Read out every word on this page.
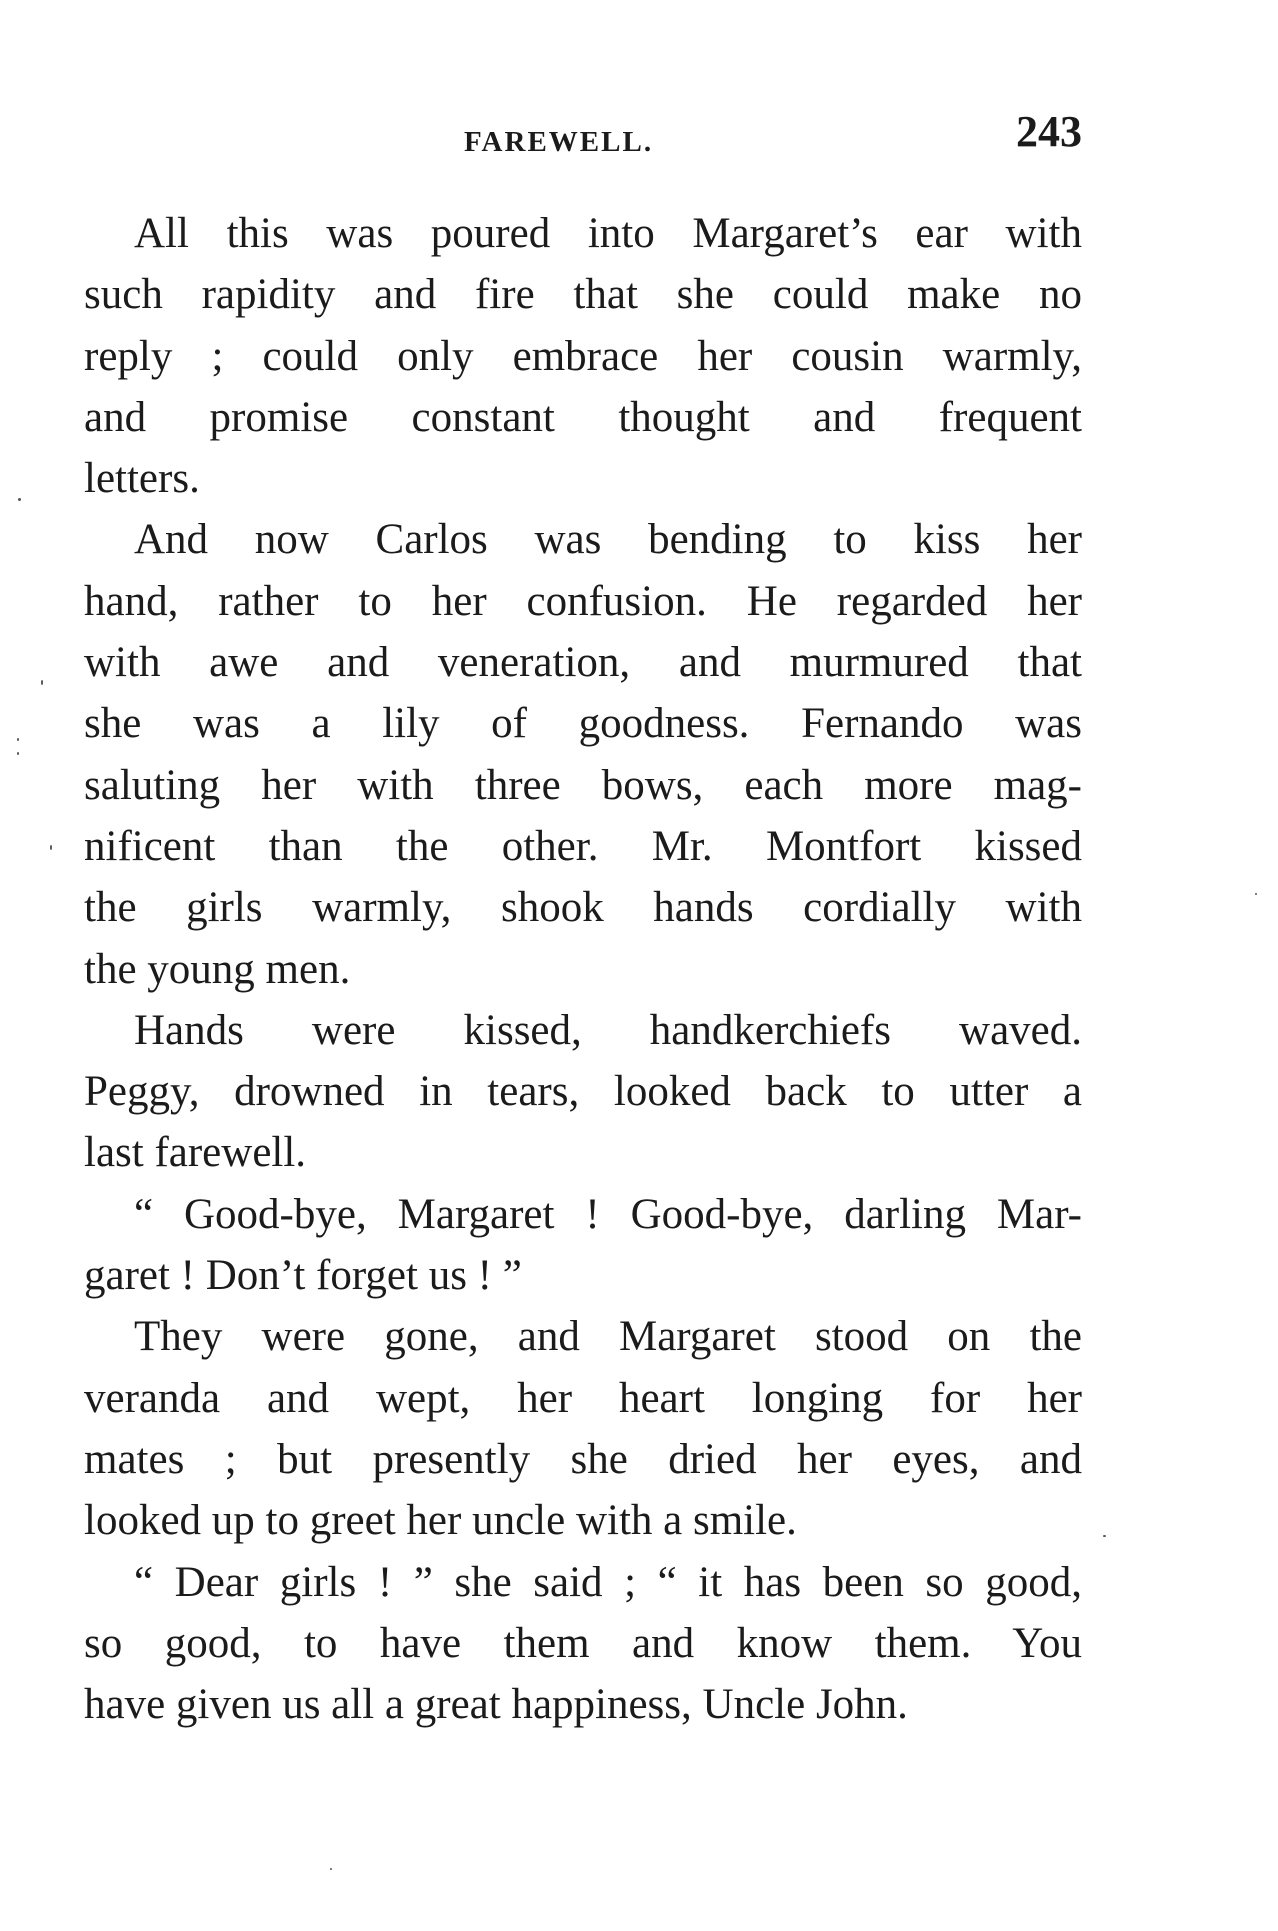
FAREWELL.	243

All this was poured into Margaret’s ear with
such rapidity and fire that she could make no
reply ; could only embrace her cousin warmly,
and promise constant thought and frequent
letters.

And now Carlos was bending to kiss her
hand, rather to her confusion. He regarded her
with awe and veneration, and murmured that
she was a lily of goodness. Fernando was
saluting her with three bows, each more mag-
nificent than the other. Mr. Montfort kissed
the girls warmly, shook hands cordially with
the young men.

Hands were kissed, handkerchiefs waved.
Peggy, drowned in tears, looked back to utter a
last farewell.

“ Good-bye, Margaret ! Good-bye, darling Mar-
garet ! Don’t forget us ! ”

They were gone, and Margaret stood on the
veranda and wept, her heart longing for her
mates ; but presently she dried her eyes, and
looked up to greet her uncle with a smile.

“ Dear girls ! ” she said ; “ it has been so good,
so good, to have them and know them. You
have given us all a great happiness, Uncle John.
